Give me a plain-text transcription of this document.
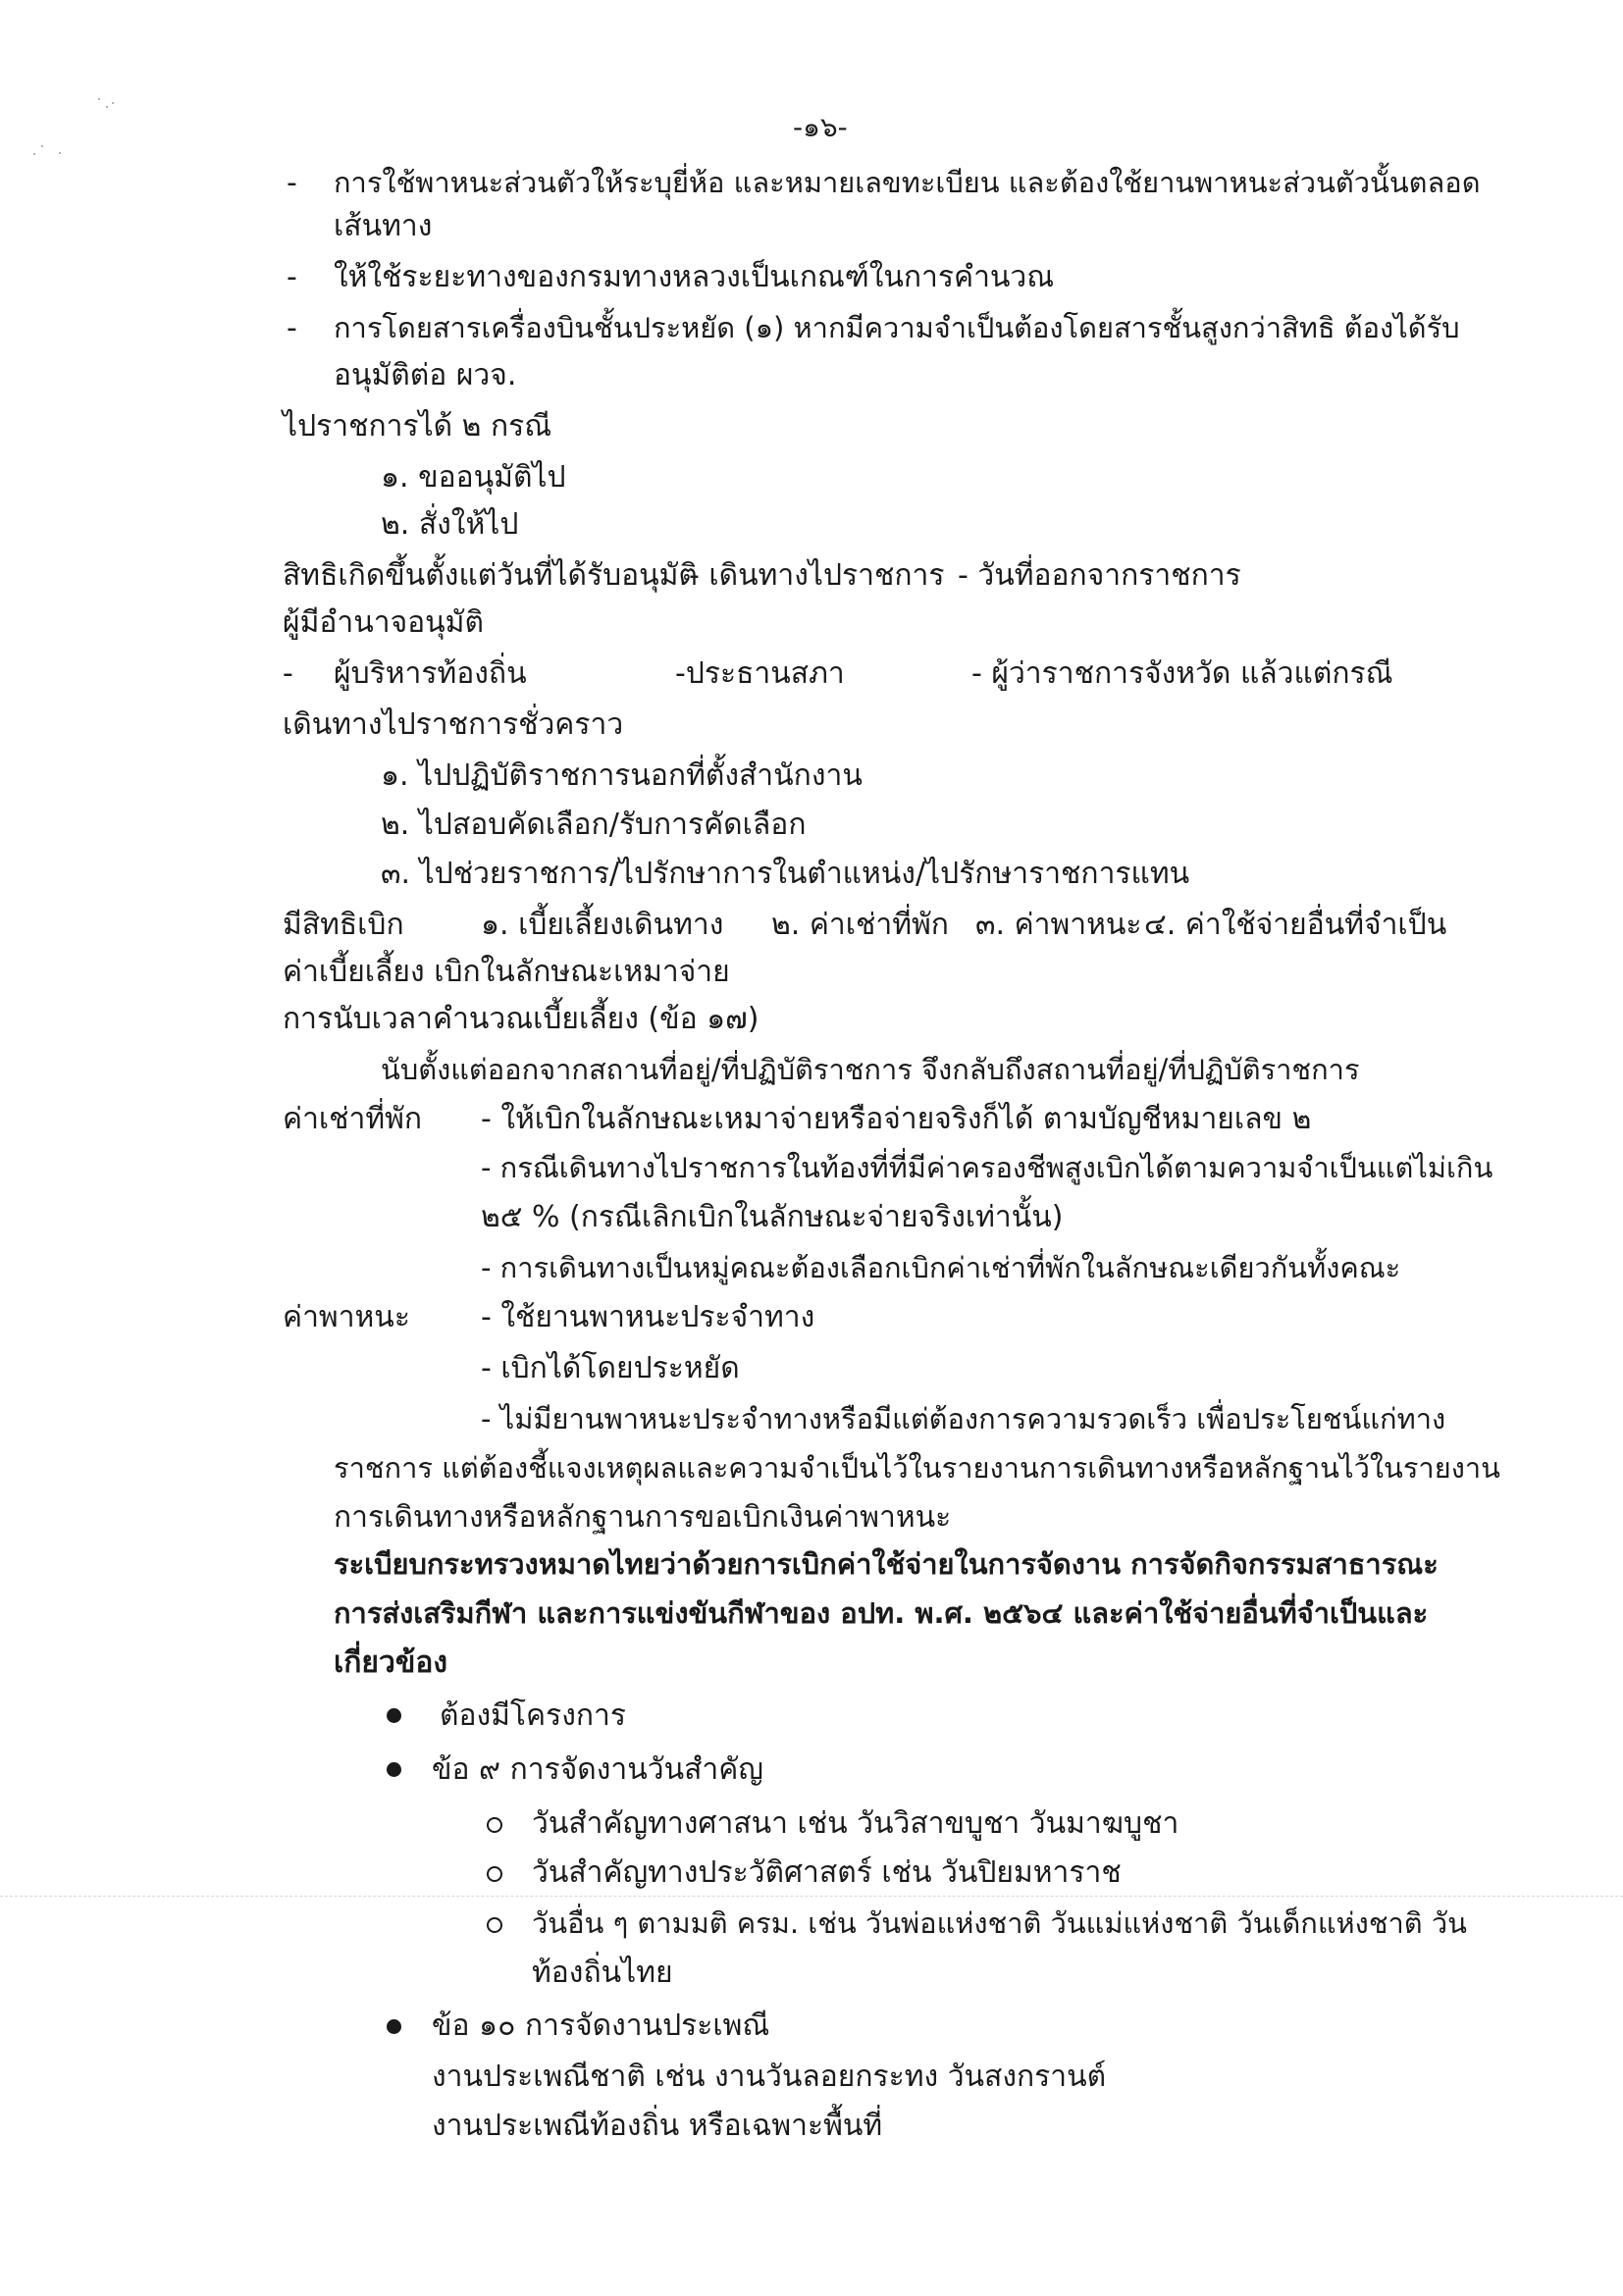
-๑๖-
- การใช้พาหนะส่วนตัวให้ระบุยี่ห้อ และหมายเลขทะเบียน และต้องใช้ยานพาหนะส่วนตัวนั้นตลอด
เส้นทาง
- ให้ใช้ระยะทางของกรมทางหลวงเป็นเกณฑ์ในการคำนวณ
- การโดยสารเครื่องบินชั้นประหยัด (๑) หากมีความจำเป็นต้องโดยสารชั้นสูงกว่าสิทธิ ต้องได้รับ
อนุมัติต่อ ผวจ.
ไปราชการได้ ๒ กรณี
๑. ขออนุมัติไป
๒. สั่งให้ไป
สิทธิเกิดขึ้นตั้งแต่วันที่ได้รับอนุมัติ
- เดินทางไปราชการ - วันที่ออกจากราชการ
ผู้มีอำนาจอนุมัติ
- ผู้บริหารท้องถิ่น	-ประธานสภา	- ผู้ว่าราชการจังหวัด แล้วแต่กรณี
เดินทางไปราชการชั่วคราว
๑. ไปปฏิบัติราชการนอกที่ตั้งสำนักงาน
๒. ไปสอบคัดเลือก/รับการคัดเลือก
๓. ไปช่วยราชการ/ไปรักษาการในตำแหน่ง/ไปรักษาราชการแทน
มีสิทธิเบิก	๑. เบี้ยเลี้ยงเดินทาง ๒. ค่าเช่าที่พัก ๓. ค่าพาหนะ ๔. ค่าใช้จ่ายอื่นที่จำเป็น
ค่าเบี้ยเลี้ยง เบิกในลักษณะเหมาจ่าย
การนับเวลาคำนวณเบี้ยเลี้ยง (ข้อ ๑๗)
นับตั้งแต่ออกจากสถานที่อยู่/ที่ปฏิบัติราชการ จึงกลับถึงสถานที่อยู่/ที่ปฏิบัติราชการ
ค่าเช่าที่พัก - ให้เบิกในลักษณะเหมาจ่ายหรือจ่ายจริงก็ได้ ตามบัญชีหมายเลข ๒
- กรณีเดินทางไปราชการในท้องที่ที่มีค่าครองชีพสูงเบิกได้ตามความจำเป็นแต่ไม่เกิน
๒๕ % (กรณีเลิกเบิกในลักษณะจ่ายจริงเท่านั้น)
- การเดินทางเป็นหมู่คณะต้องเลือกเบิกค่าเช่าที่พักในลักษณะเดียวกันทั้งคณะ
ค่าพาหนะ - ใช้ยานพาหนะประจำทาง
- เบิกได้โดยประหยัด
- ไม่มียานพาหนะประจำทางหรือมีแต่ต้องการความรวดเร็ว เพื่อประโยชน์แก่ทาง
ราชการ แต่ต้องชี้แจงเหตุผลและความจำเป็นไว้ในรายงานการเดินทางหรือหลักฐานไว้ในรายงาน
การเดินทางหรือหลักฐานการขอเบิกเงินค่าพาหนะ
ระเบียบกระทรวงหมาดไทยว่าด้วยการเบิกค่าใช้จ่ายในการจัดงาน การจัดกิจกรรมสาธารณะ
การส่งเสริมกีฬา และการแข่งขันกีฬาของ อปท. พ.ศ. ๒๕๖๔ และค่าใช้จ่ายอื่นที่จำเป็นและ
เกี่ยวข้อง
ต้องมีโครงการ
ข้อ ๙ การจัดงานวันสำคัญ
วันสำคัญทางศาสนา เช่น วันวิสาขบูชา วันมาฆบูชา
วันสำคัญทางประวัติศาสตร์ เช่น วันปิยมหาราช
วันอื่น ๆ ตามมติ ครม. เช่น วันพ่อแห่งชาติ วันแม่แห่งชาติ วันเด็กแห่งชาติ วัน
ท้องถิ่นไทย
ข้อ ๑๐ การจัดงานประเพณี
งานประเพณีชาติ เช่น งานวันลอยกระทง วันสงกรานต์
งานประเพณีท้องถิ่น หรือเฉพาะพื้นที่
